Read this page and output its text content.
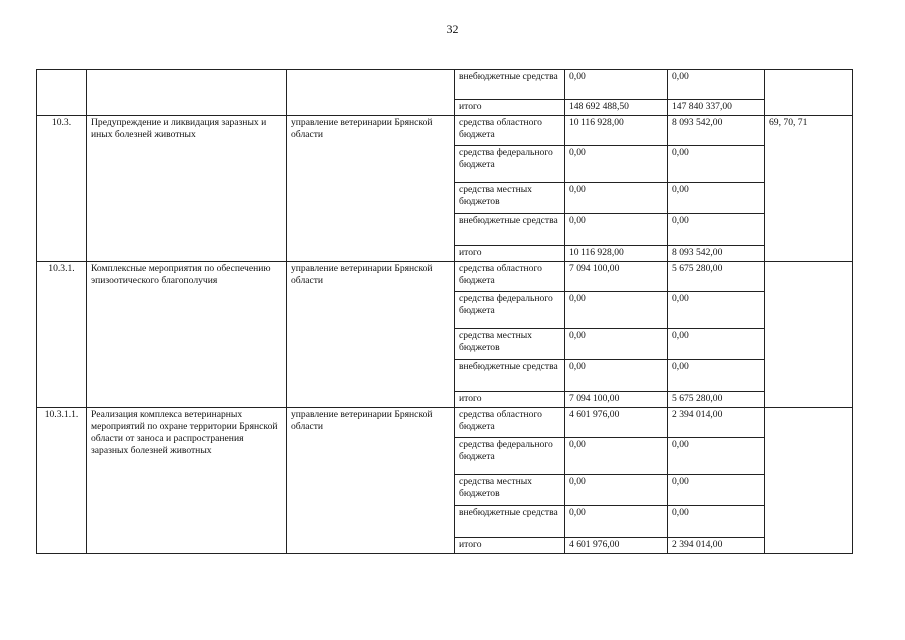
32
			внебюджетные средства	0,00	0,00	
			итого	148 692 488,50	147 840 337,00	
10.3.	Предупреждение и ликвидация заразных и иных болезней животных	управление ветеринарии Брянской области	средства областного бюджета	10 116 928,00	8 093 542,00	69, 70, 71
			средства федерального бюджета	0,00	0,00	
			средства местных бюджетов	0,00	0,00	
			внебюджетные средства	0,00	0,00	
			итого	10 116 928,00	8 093 542,00	
10.3.1.	Комплексные мероприятия по обеспечению эпизоотического благополучия	управление ветеринарии Брянской области	средства областного бюджета	7 094 100,00	5 675 280,00	
			средства федерального бюджета	0,00	0,00	
			средства местных бюджетов	0,00	0,00	
			внебюджетные средства	0,00	0,00	
			итого	7 094 100,00	5 675 280,00	
10.3.1.1.	Реализация комплекса ветеринарных мероприятий по охране территории Брянской области от заноса и распространения заразных болезней животных	управление ветеринарии Брянской области	средства областного бюджета	4 601 976,00	2 394 014,00	
			средства федерального бюджета	0,00	0,00	
			средства местных бюджетов	0,00	0,00	
			внебюджетные средства	0,00	0,00	
			итого	4 601 976,00	2 394 014,00	
